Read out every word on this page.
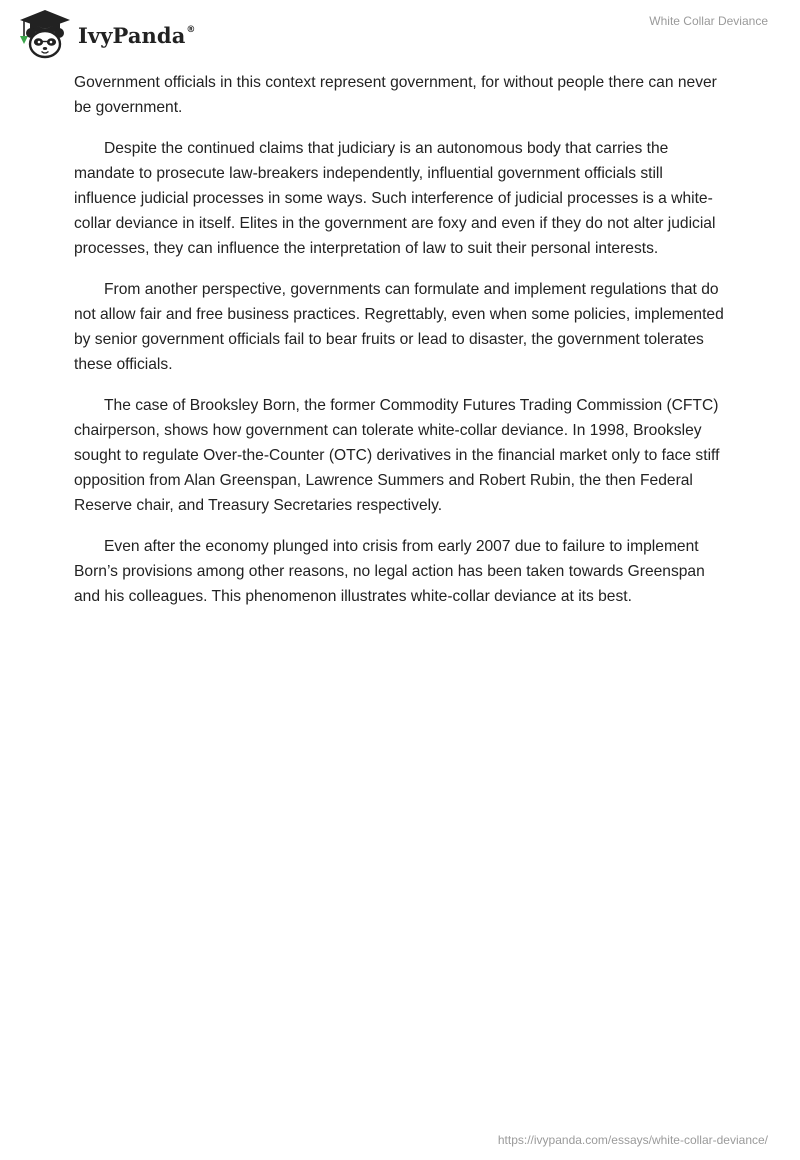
IvyPanda®
White Collar Deviance

Government officials in this context represent government, for without people there can never be government.

Despite the continued claims that judiciary is an autonomous body that carries the mandate to prosecute law-breakers independently, influential government officials still influence judicial processes in some ways. Such interference of judicial processes is a white-collar deviance in itself. Elites in the government are foxy and even if they do not alter judicial processes, they can influence the interpretation of law to suit their personal interests.

From another perspective, governments can formulate and implement regulations that do not allow fair and free business practices. Regrettably, even when some policies, implemented by senior government officials fail to bear fruits or lead to disaster, the government tolerates these officials.

The case of Brooksley Born, the former Commodity Futures Trading Commission (CFTC) chairperson, shows how government can tolerate white-collar deviance. In 1998, Brooksley sought to regulate Over-the-Counter (OTC) derivatives in the financial market only to face stiff opposition from Alan Greenspan, Lawrence Summers and Robert Rubin, the then Federal Reserve chair, and Treasury Secretaries respectively.

Even after the economy plunged into crisis from early 2007 due to failure to implement Born’s provisions among other reasons, no legal action has been taken towards Greenspan and his colleagues. This phenomenon illustrates white-collar deviance at its best.

https://ivypanda.com/essays/white-collar-deviance/
